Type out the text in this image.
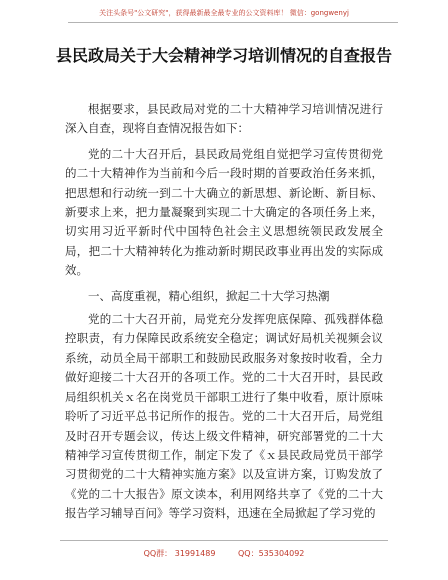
关注头条号"公文研究"，获得最新最全最专业的公文资料库！ 微信：gongwenyj
县民政局关于大会精神学习培训情况的自查报告

根据要求，县民政局对党的二十大精神学习培训情况进行深入自查，现将自查情况报告如下：

党的二十大召开后，县民政局党组自觉把学习宣传贯彻党的二十大精神作为当前和今后一段时期的首要政治任务来抓，把思想和行动统一到二十大确立的新思想、新论断、新目标、新要求上来，把力量凝聚到实现二十大确定的各项任务上来，切实用习近平新时代中国特色社会主义思想统领民政发展全局，把二十大精神转化为推动新时期民政事业再出发的实际成效。

一、高度重视，精心组织，掀起二十大学习热潮

党的二十大召开前，局党充分发挥兜底保障、孤残群体稳控职责，有力保障民政系统安全稳定；调试好局机关视频会议系统，动员全局干部职工和鼓励民政服务对象按时收看，全力做好迎接二十大召开的各项工作。党的二十大召开时，县民政局组织机关ｘ名在岗党员干部职工进行了集中收看，原计原味聆听了习近平总书记所作的报告。党的二十大召开后，局党组及时召开专题会议，传达上级文件精神，研究部署党的二十大精神学习宣传贯彻工作，制定下发了《ｘ县民政局党员干部学习贯彻党的二十大精神实施方案》以及宣讲方案，订购发放了《党的二十大报告》原文读本，利用网络共享了《党的二十大报告学习辅导百问》等学习资料，迅速在全局掀起了学习党的

QQ群： 31991489	QQ：535304092
